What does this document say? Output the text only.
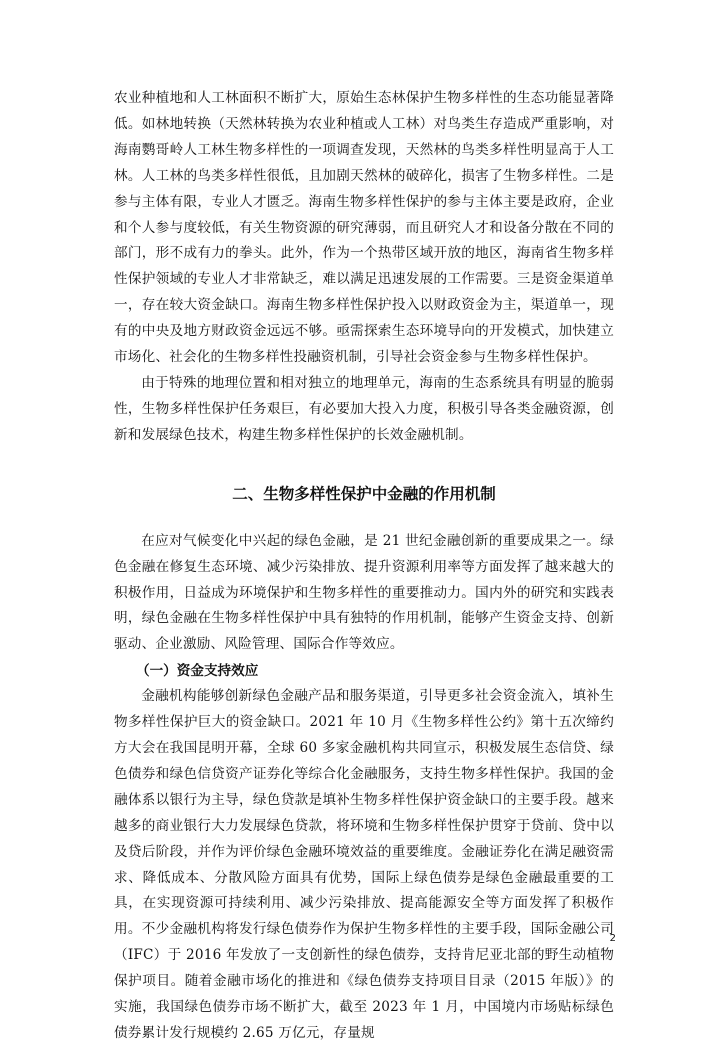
农业种植地和人工林面积不断扩大，原始生态林保护生物多样性的生态功能显著降低。如林地转换（天然林转换为农业种植或人工林）对鸟类生存造成严重影响，对海南鹦哥岭人工林生物多样性的一项调查发现，天然林的鸟类多样性明显高于人工林。人工林的鸟类多样性很低，且加剧天然林的破碎化，损害了生物多样性。二是参与主体有限，专业人才匮乏。海南生物多样性保护的参与主体主要是政府，企业和个人参与度较低，有关生物资源的研究薄弱，而且研究人才和设备分散在不同的部门，形不成有力的拳头。此外，作为一个热带区域开放的地区，海南省生物多样性保护领域的专业人才非常缺乏，难以满足迅速发展的工作需要。三是资金渠道单一，存在较大资金缺口。海南生物多样性保护投入以财政资金为主，渠道单一，现有的中央及地方财政资金远远不够。亟需探索生态环境导向的开发模式，加快建立市场化、社会化的生物多样性投融资机制，引导社会资金参与生物多样性保护。

由于特殊的地理位置和相对独立的地理单元，海南的生态系统具有明显的脆弱性，生物多样性保护任务艰巨，有必要加大投入力度，积极引导各类金融资源，创新和发展绿色技术，构建生物多样性保护的长效金融机制。

二、生物多样性保护中金融的作用机制

在应对气候变化中兴起的绿色金融，是 21 世纪金融创新的重要成果之一。绿色金融在修复生态环境、减少污染排放、提升资源利用率等方面发挥了越来越大的积极作用，日益成为环境保护和生物多样性的重要推动力。国内外的研究和实践表明，绿色金融在生物多样性保护中具有独特的作用机制，能够产生资金支持、创新驱动、企业激励、风险管理、国际合作等效应。

（一）资金支持效应

金融机构能够创新绿色金融产品和服务渠道，引导更多社会资金流入，填补生物多样性保护巨大的资金缺口。2021 年 10 月《生物多样性公约》第十五次缔约方大会在我国昆明开幕，全球 60 多家金融机构共同宣示，积极发展生态信贷、绿色债券和绿色信贷资产证券化等综合化金融服务，支持生物多样性保护。我国的金融体系以银行为主导，绿色贷款是填补生物多样性保护资金缺口的主要手段。越来越多的商业银行大力发展绿色贷款，将环境和生物多样性保护贯穿于贷前、贷中以及贷后阶段，并作为评价绿色金融环境效益的重要维度。金融证券化在满足融资需求、降低成本、分散风险方面具有优势，国际上绿色债券是绿色金融最重要的工具，在实现资源可持续利用、减少污染排放、提高能源安全等方面发挥了积极作用。不少金融机构将发行绿色债券作为保护生物多样性的主要手段，国际金融公司（IFC）于 2016 年发放了一支创新性的绿色债券，支持肯尼亚北部的野生动植物保护项目。随着金融市场化的推进和《绿色债券支持项目目录（2015 年版）》的实施，我国绿色债券市场不断扩大，截至 2023 年 1 月，中国境内市场贴标绿色债券累计发行规模约 2.65 万亿元，存量规

2
